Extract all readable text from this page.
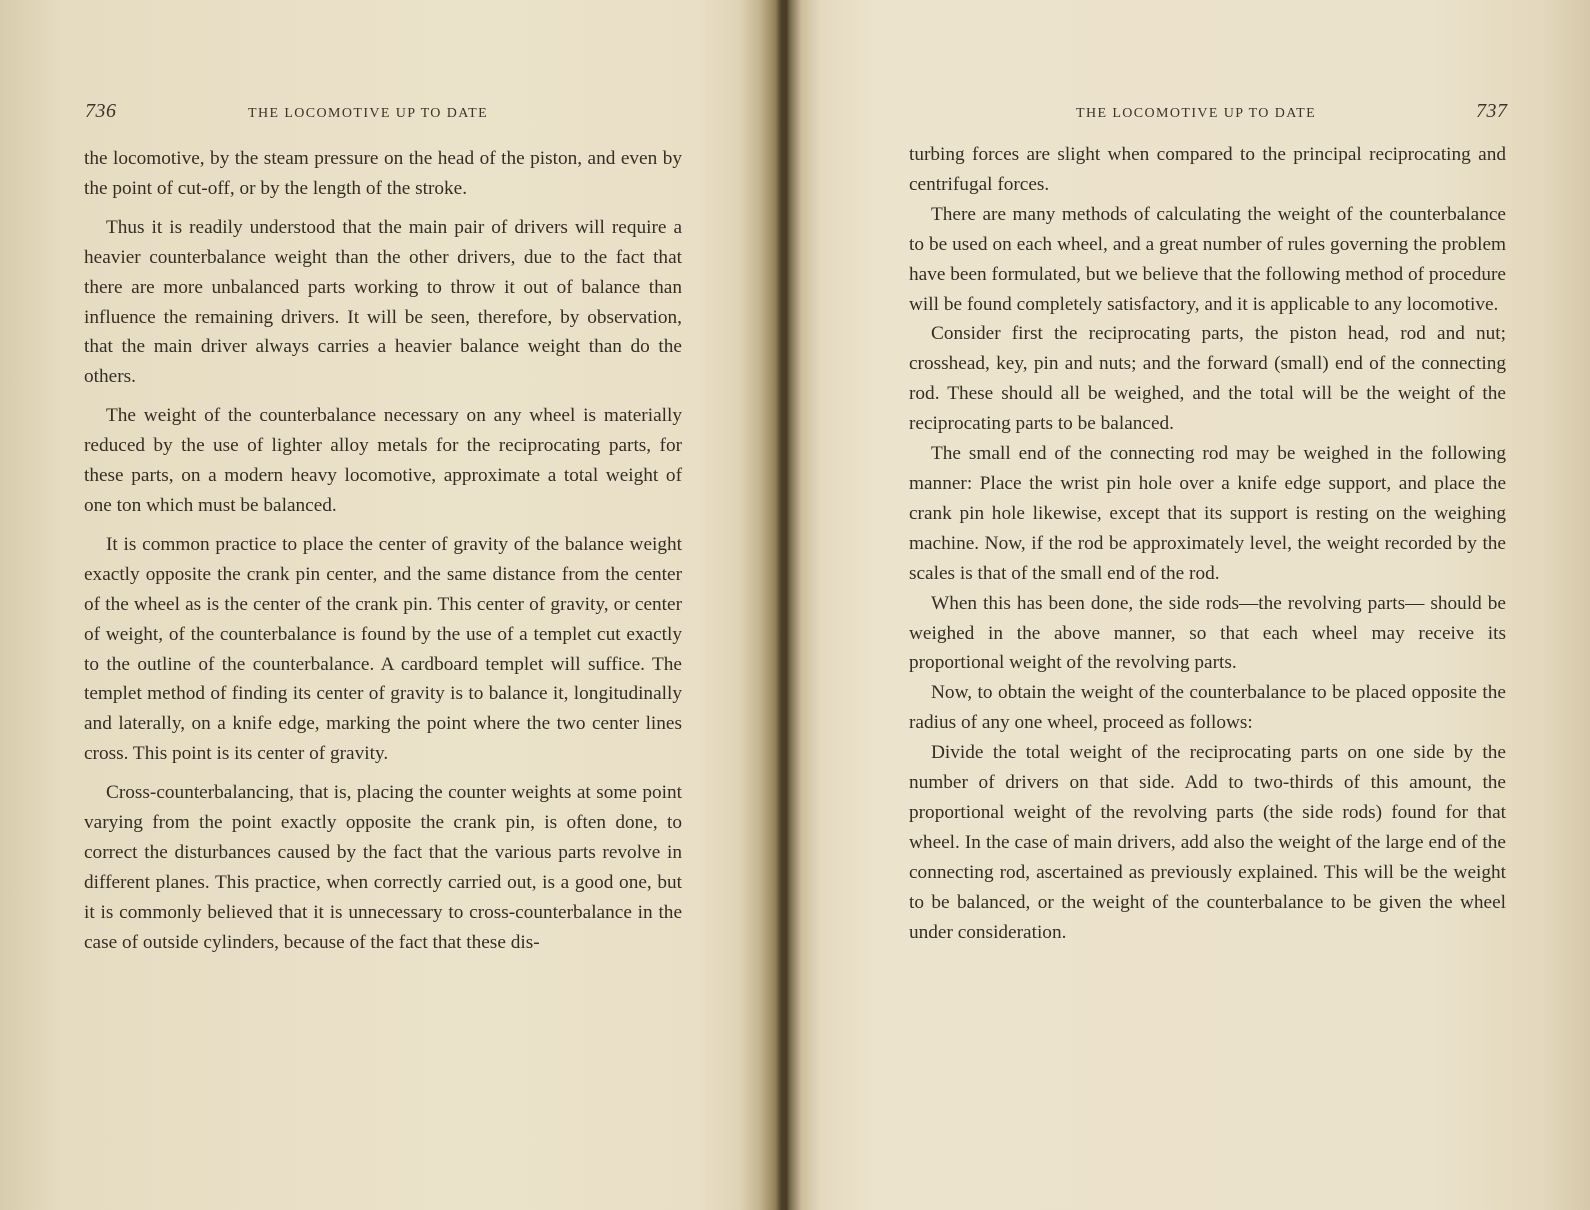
736	THE LOCOMOTIVE UP TO DATE

the locomotive, by the steam pressure on the head of the piston, and even by the point of cut-off, or by the length of the stroke.

Thus it is readily understood that the main pair of drivers will require a heavier counterbalance weight than the other drivers, due to the fact that there are more unbalanced parts working to throw it out of balance than influence the remaining drivers. It will be seen, therefore, by observation, that the main driver always carries a heavier balance weight than do the others.

The weight of the counterbalance necessary on any wheel is materially reduced by the use of lighter alloy metals for the reciprocating parts, for these parts, on a modern heavy locomotive, approximate a total weight of one ton which must be balanced.

It is common practice to place the center of gravity of the balance weight exactly opposite the crank pin center, and the same distance from the center of the wheel as is the center of the crank pin. This center of gravity, or center of weight, of the counterbalance is found by the use of a templet cut exactly to the outline of the counterbalance. A cardboard templet will suffice. The templet method of finding its center of gravity is to balance it, longitudinally and laterally, on a knife edge, marking the point where the two center lines cross. This point is its center of gravity.

Cross-counterbalancing, that is, placing the counter weights at some point varying from the point exactly opposite the crank pin, is often done, to correct the disturbances caused by the fact that the various parts revolve in different planes. This practice, when correctly carried out, is a good one, but it is commonly believed that it is unnecessary to cross-counterbalance in the case of outside cylinders, because of the fact that these dis-

THE LOCOMOTIVE UP TO DATE	737

turbing forces are slight when compared to the principal reciprocating and centrifugal forces.

There are many methods of calculating the weight of the counterbalance to be used on each wheel, and a great number of rules governing the problem have been formulated, but we believe that the following method of procedure will be found completely satisfactory, and it is applicable to any locomotive.

Consider first the reciprocating parts, the piston head, rod and nut; crosshead, key, pin and nuts; and the forward (small) end of the connecting rod. These should all be weighed, and the total will be the weight of the reciprocating parts to be balanced.

The small end of the connecting rod may be weighed in the following manner: Place the wrist pin hole over a knife edge support, and place the crank pin hole likewise, except that its support is resting on the weighing machine. Now, if the rod be approximately level, the weight recorded by the scales is that of the small end of the rod.

When this has been done, the side rods—the revolving parts— should be weighed in the above manner, so that each wheel may receive its proportional weight of the revolving parts.

Now, to obtain the weight of the counterbalance to be placed opposite the radius of any one wheel, proceed as follows:

Divide the total weight of the reciprocating parts on one side by the number of drivers on that side. Add to two-thirds of this amount, the proportional weight of the revolving parts (the side rods) found for that wheel. In the case of main drivers, add also the weight of the large end of the connecting rod, ascertained as previously explained. This will be the weight to be balanced, or the weight of the counterbalance to be given the wheel under consideration.
